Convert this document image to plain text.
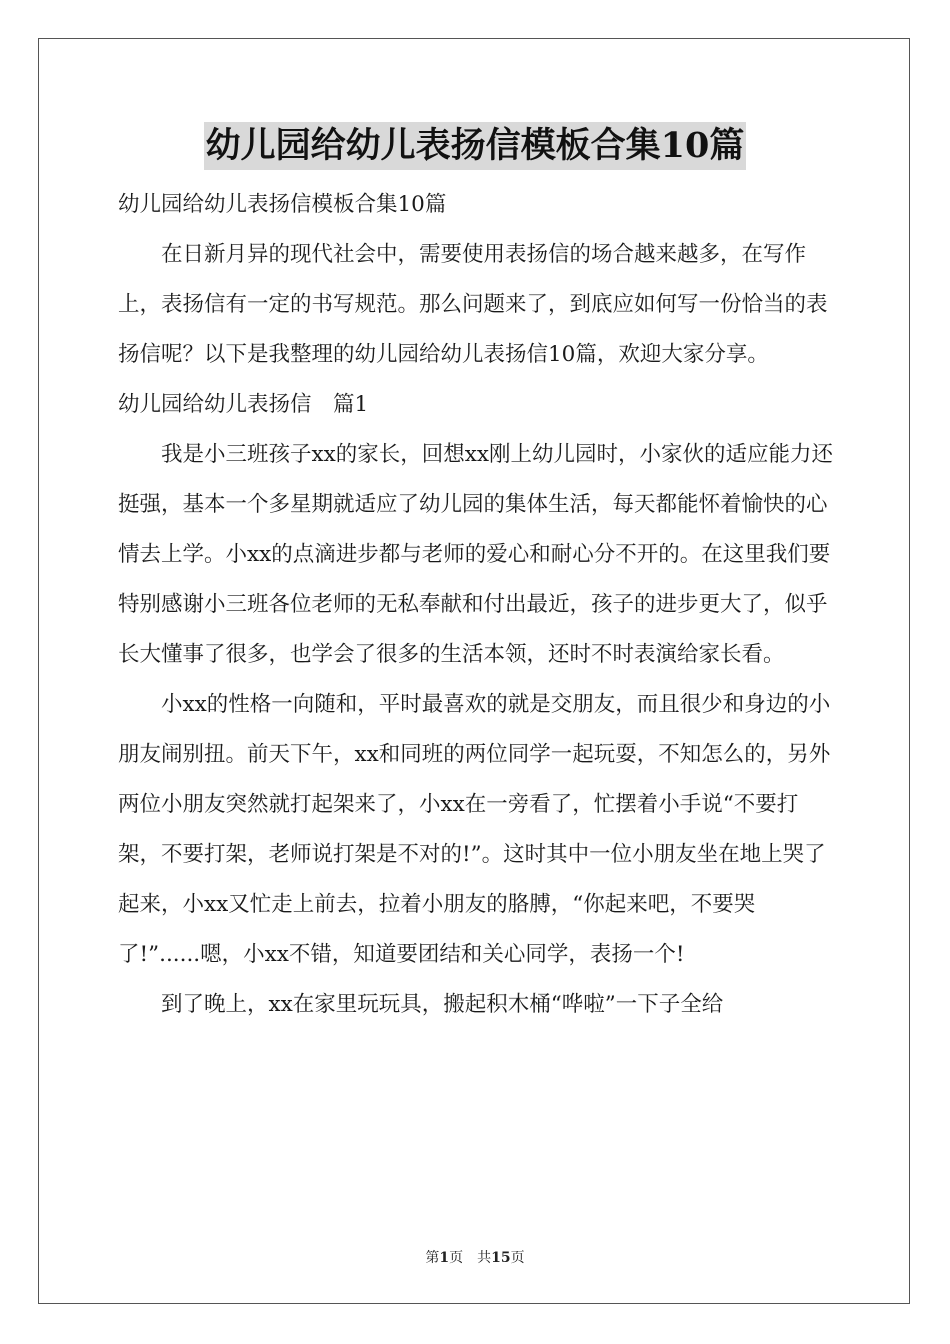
幼儿园给幼儿表扬信模板合集10篇

幼儿园给幼儿表扬信模板合集10篇

在日新月异的现代社会中，需要使用表扬信的场合越来越多，在写作上，表扬信有一定的书写规范。那么问题来了，到底应如何写一份恰当的表扬信呢？以下是我整理的幼儿园给幼儿表扬信10篇，欢迎大家分享。

幼儿园给幼儿表扬信　篇1

我是小三班孩子xx的家长，回想xx刚上幼儿园时，小家伙的适应能力还挺强，基本一个多星期就适应了幼儿园的集体生活，每天都能怀着愉快的心情去上学。小xx的点滴进步都与老师的爱心和耐心分不开的。在这里我们要特别感谢小三班各位老师的无私奉献和付出最近，孩子的进步更大了，似乎长大懂事了很多，也学会了很多的生活本领，还时不时表演给家长看。

小xx的性格一向随和，平时最喜欢的就是交朋友，而且很少和身边的小朋友闹别扭。前天下午，xx和同班的两位同学一起玩耍，不知怎么的，另外两位小朋友突然就打起架来了，小xx在一旁看了，忙摆着小手说“不要打架，不要打架，老师说打架是不对的!”。这时其中一位小朋友坐在地上哭了起来，小xx又忙走上前去，拉着小朋友的胳膊，“你起来吧，不要哭了!”......嗯，小xx不错，知道要团结和关心同学，表扬一个!

到了晚上，xx在家里玩玩具，搬起积木桶“哗啦”一下子全给

第1页　共15页
